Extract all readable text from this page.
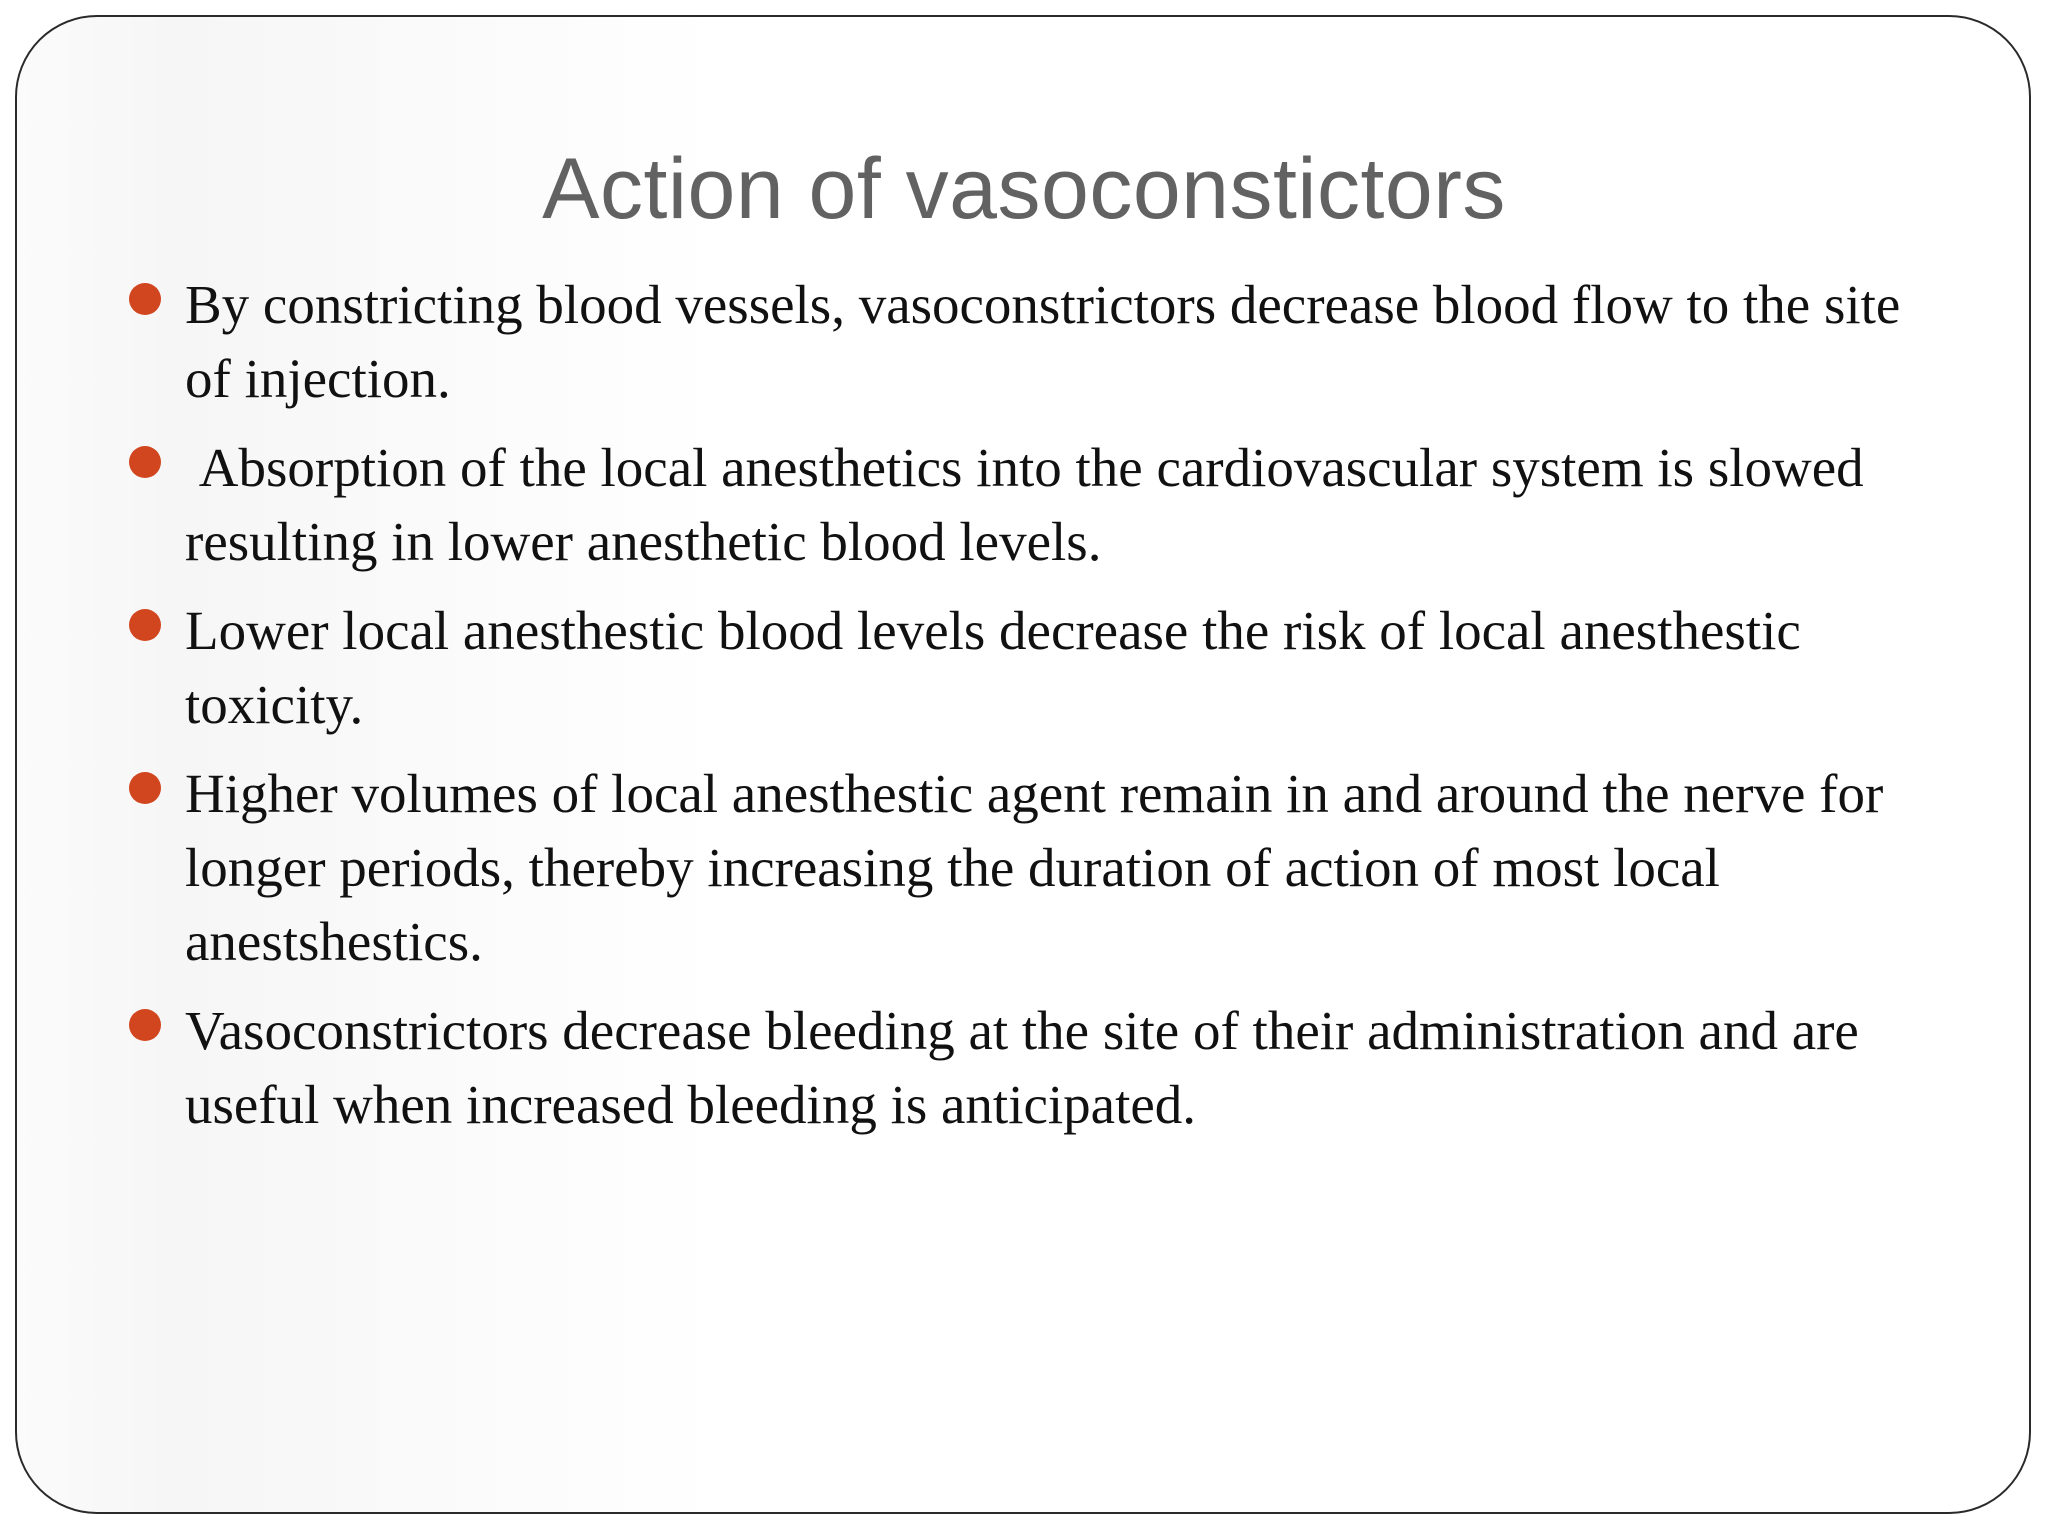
Action of vasoconstictors
By constricting blood vessels, vasoconstrictors decrease blood flow to the site of injection.
Absorption of the local anesthetics into the cardiovascular system is slowed resulting in lower anesthetic blood levels.
Lower local anesthestic blood levels decrease the risk of local anesthestic toxicity.
Higher volumes of local anesthestic agent remain in and around the nerve for longer periods, thereby increasing the duration of action of most local anestshestics.
Vasoconstrictors decrease bleeding at the site of their administration and are useful when increased bleeding is anticipated.
